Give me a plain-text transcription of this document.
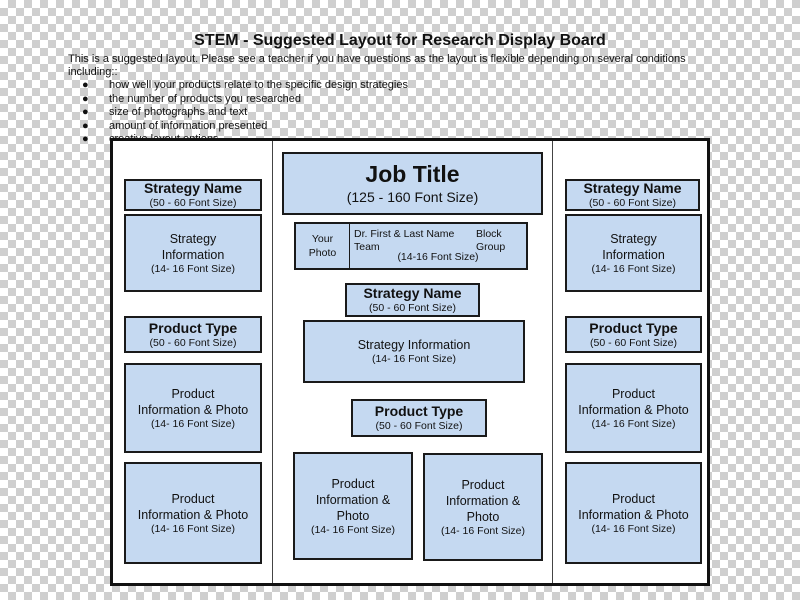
STEM - Suggested Layout for Research Display Board
This is a suggested layout. Please see a teacher if you have questions as the layout is flexible depending on several conditions including::
●	how well your products relate to the specific design strategies
●	the number of products you researched
●	size of photographs and text
●	amount of information presented
●
Strategy Name
(50 - 60 Font Size)
Strategy
Information
(14- 16 Font Size)
Product Type
(50 - 60 Font Size)
Product
Information & Photo
(14- 16 Font Size)
Product
Information & Photo
(14- 16 Font Size)
Job Title
(125 - 160 Font Size)
Your
Photo
Dr. First & Last Name
Team
Block
Group
(14-16 Font Size)
Strategy Name
(50 - 60 Font Size)
Strategy Information
(14- 16 Font Size)
Product Type
(50 - 60 Font Size)
Product
Information &
Photo
(14- 16 Font Size)
Product
Information &
Photo
(14- 16 Font Size)
Strategy Name
(50 - 60 Font Size)
Strategy
Information
(14- 16 Font Size)
Product Type
(50 - 60 Font Size)
Product
Information & Photo
(14- 16 Font Size)
Product
Information & Photo
(14- 16 Font Size)
